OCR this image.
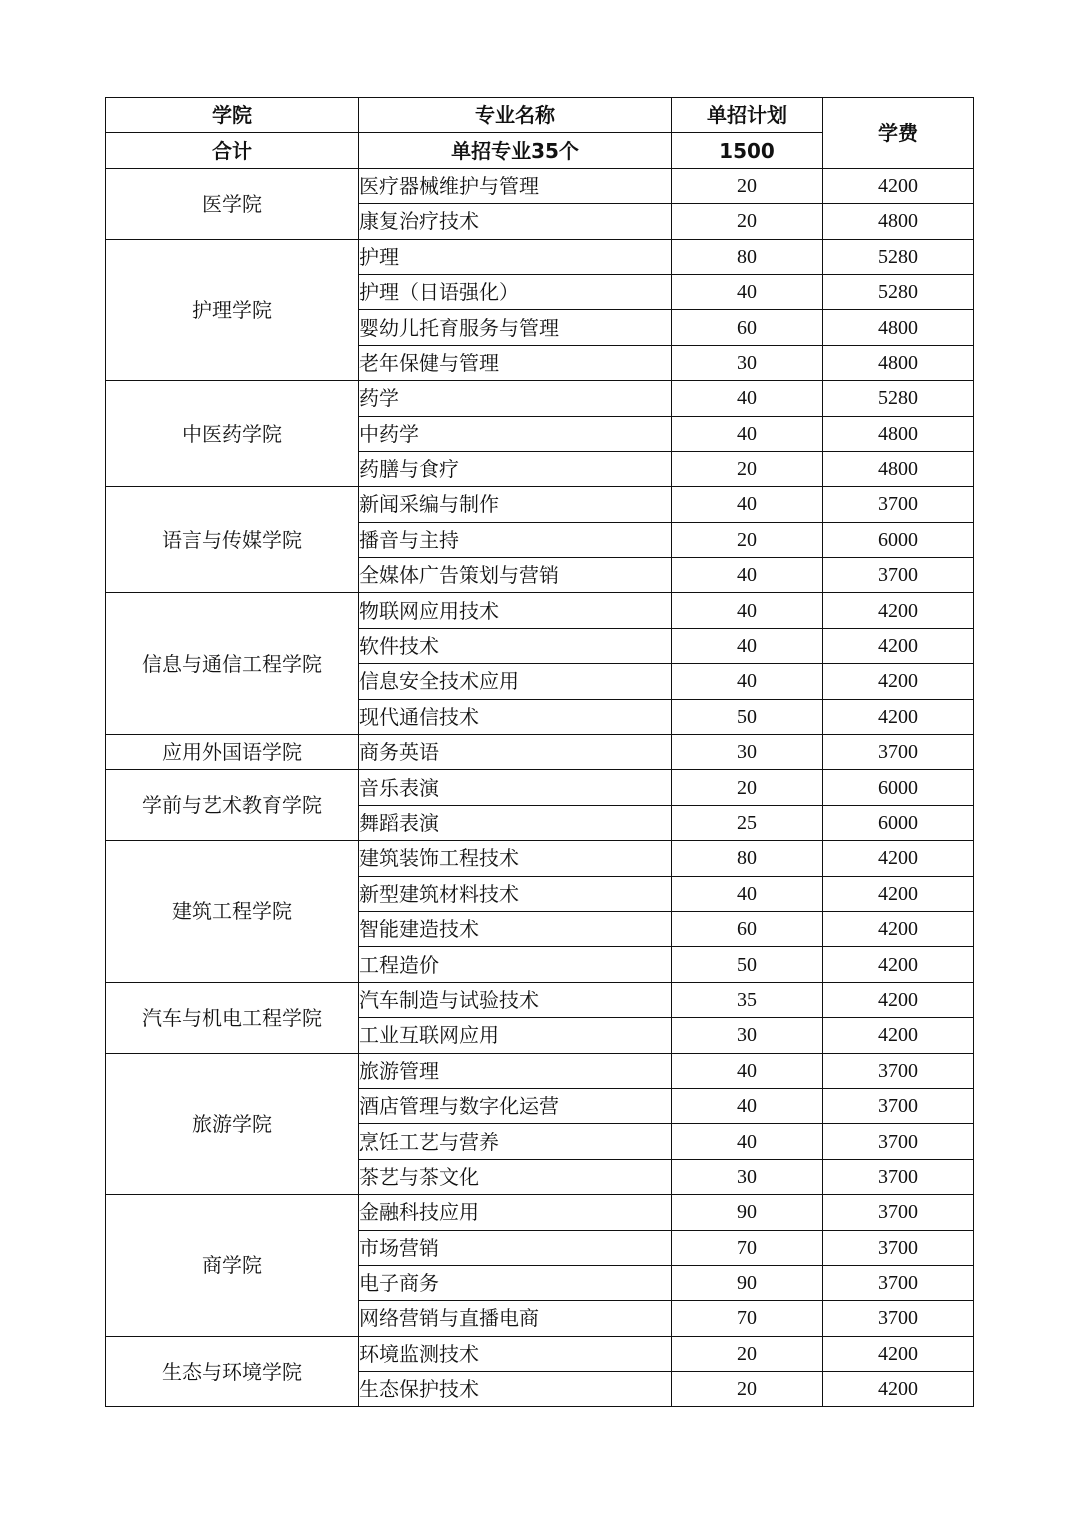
学院	专业名称	单招计划	学费
合计	单招专业35个	1500	
医学院	医疗器械维护与管理	20	4200
	康复治疗技术	20	4800
护理学院	护理	80	5280
	护理（日语强化）	40	5280
	婴幼儿托育服务与管理	60	4800
	老年保健与管理	30	4800
中医药学院	药学	40	5280
	中药学	40	4800
	药膳与食疗	20	4800
语言与传媒学院	新闻采编与制作	40	3700
	播音与主持	20	6000
	全媒体广告策划与营销	40	3700
信息与通信工程学院	物联网应用技术	40	4200
	软件技术	40	4200
	信息安全技术应用	40	4200
	现代通信技术	50	4200
应用外国语学院	商务英语	30	3700
学前与艺术教育学院	音乐表演	20	6000
	舞蹈表演	25	6000
建筑工程学院	建筑装饰工程技术	80	4200
	新型建筑材料技术	40	4200
	智能建造技术	60	4200
	工程造价	50	4200
汽车与机电工程学院	汽车制造与试验技术	35	4200
	工业互联网应用	30	4200
旅游学院	旅游管理	40	3700
	酒店管理与数字化运营	40	3700
	烹饪工艺与营养	40	3700
	茶艺与茶文化	30	3700
商学院	金融科技应用	90	3700
	市场营销	70	3700
	电子商务	90	3700
	网络营销与直播电商	70	3700
生态与环境学院	环境监测技术	20	4200
	生态保护技术	20	4200
